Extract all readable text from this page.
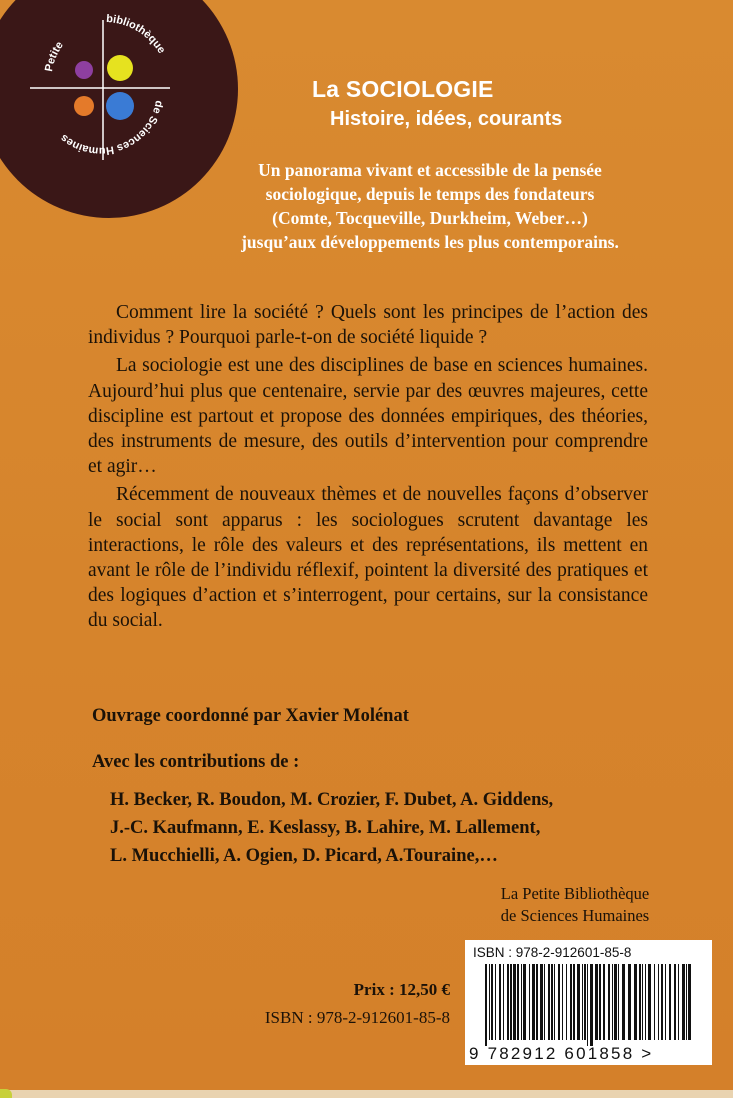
bibliothèque
Petite
de Sciences Humaines
La SOCIOLOGIE
Histoire, idées, courants
Un panorama vivant et accessible de la pensée
sociologique, depuis le temps des fondateurs
(Comte, Tocqueville, Durkheim, Weber…)
jusqu’aux développements les plus contemporains.

Comment lire la société ? Quels sont les principes de l’action des individus ? Pourquoi parle-t-on de société liquide ?

La sociologie est une des disciplines de base en sciences humaines. Aujourd’hui plus que centenaire, servie par des œuvres majeures, cette discipline est partout et propose des données empiriques, des théories, des instruments de mesure, des outils d’intervention pour comprendre et agir…

Récemment de nouveaux thèmes et de nouvelles façons d’observer le social sont apparus : les sociologues scrutent davantage les interactions, le rôle des valeurs et des représentations, ils mettent en avant le rôle de l’individu réflexif, pointent la diversité des pratiques et des logiques d’action et s’interrogent, pour certains, sur la consistance du social.

Ouvrage coordonné par Xavier Molénat
Avec les contributions de :
H. Becker, R. Boudon, M. Crozier, F. Dubet, A. Giddens,
J.-C. Kaufmann, E. Keslassy, B. Lahire, M. Lallement,
L. Mucchielli, A. Ogien, D. Picard, A.Touraine,…
La Petite Bibliothèque
de Sciences Humaines
Prix : 12,50 €
ISBN : 978-2-912601-85-8
ISBN : 978-2-912601-85-8
9 782912 601858 >
